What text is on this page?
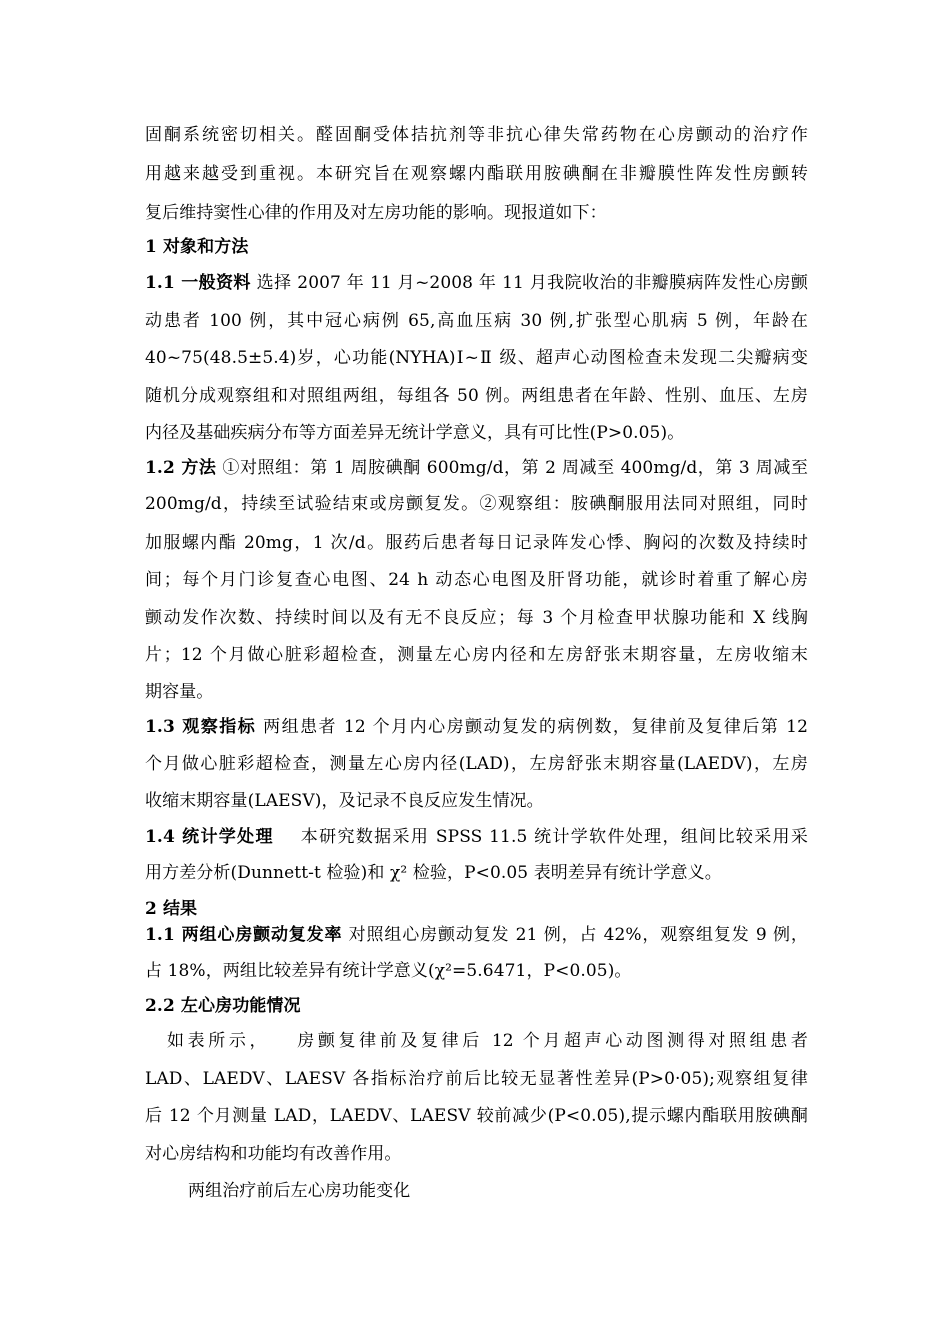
固酮系统密切相关。醛固酮受体拮抗剂等非抗心律失常药物在心房颤动的治疗作
用越来越受到重视。本研究旨在观察螺内酯联用胺碘酮在非瓣膜性阵发性房颤转
复后维持窦性心律的作用及对左房功能的影响。现报道如下：
1 对象和方法
1.1 一般资料 选择 2007 年 11 月~2008 年 11 月我院收治的非瓣膜病阵发性心房颤
动患者 100 例，其中冠心病例 65,高血压病 30 例,扩张型心肌病 5 例，年龄在
40~75(48.5±5.4)岁，心功能(NYHA)Ⅰ~Ⅱ 级、超声心动图检查未发现二尖瓣病变
随机分成观察组和对照组两组，每组各 50 例。两组患者在年龄、性别、血压、左房
内径及基础疾病分布等方面差异无统计学意义，具有可比性(P>0.05)。
1.2 方法 ①对照组：第 1 周胺碘酮 600mg/d，第 2 周减至 400mg/d，第 3 周减至
200mg/d，持续至试验结束或房颤复发。②观察组：胺碘酮服用法同对照组，同时
加服螺内酯 20mg，1 次/d。服药后患者每日记录阵发心悸、胸闷的次数及持续时
间；每个月门诊复查心电图、24 h 动态心电图及肝肾功能，就诊时着重了解心房
颤动发作次数、持续时间以及有无不良反应；每 3 个月检查甲状腺功能和 X 线胸
片；12 个月做心脏彩超检查，测量左心房内径和左房舒张末期容量，左房收缩末
期容量。
1.3 观察指标 两组患者 12 个月内心房颤动复发的病例数，复律前及复律后第 12
个月做心脏彩超检查，测量左心房内径(LAD)，左房舒张末期容量(LAEDV)，左房
收缩末期容量(LAESV)，及记录不良反应发生情况。
1.4 统计学处理    本研究数据采用 SPSS 11.5 统计学软件处理，组间比较采用采
用方差分析(Dunnett-t 检验)和 χ² 检验，P<0.05 表明差异有统计学意义。
2 结果
1.1 两组心房颤动复发率 对照组心房颤动复发 21 例，占 42%，观察组复发 9 例，
占 18%，两组比较差异有统计学意义(χ²=5.6471，P<0.05)。
2.2 左心房功能情况
如表所示，   房颤复律前及复律后 12 个月超声心动图测得对照组患者
LAD、LAEDV、LAESV 各指标治疗前后比较无显著性差异(P>0·05);观察组复律
后 12 个月测量 LAD，LAEDV、LAESV 较前减少(P<0.05),提示螺内酯联用胺碘酮
对心房结构和功能均有改善作用。
两组治疗前后左心房功能变化
